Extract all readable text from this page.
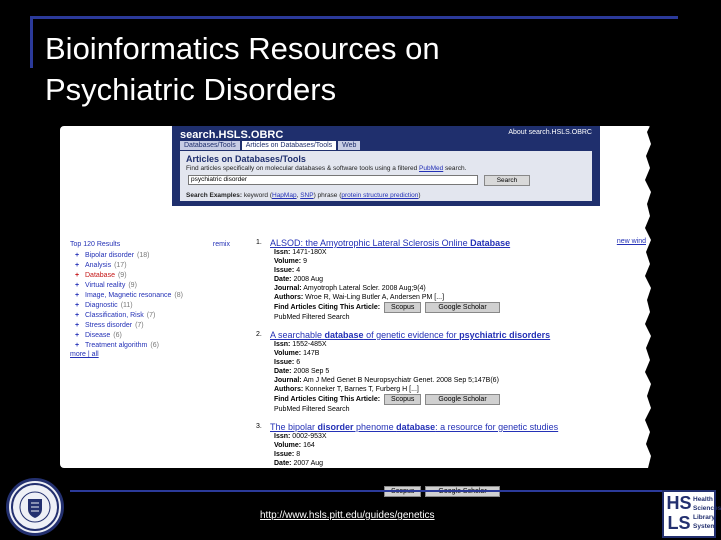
Bioinformatics Resources on
Psychiatric Disorders
search.HSLS.OBRC	About search.HSLS.OBRC
Databases/Tools	Articles on Databases/Tools	Web
Articles on Databases/Tools
Find articles specifically on molecular databases & software tools using a filtered PubMed search.
psychiatric disorder	Search
Search Examples: keyword (HapMap, SNP) phrase (protein structure prediction)
Top 120 Results	remix
+ Bipolar disorder (18)
+ Analysis (17)
+ Database (9)
+ Virtual reality (9)
+ Image, Magnetic resonance (8)
+ Diagnostic (11)
+ Classification, Risk (7)
+ Stress disorder (7)
+ Disease (6)
+ Treatment algorithm (6)
more | all
1.	new wind
ALSOD: the Amyotrophic Lateral Sclerosis Online Database
Issn: 1471-180X
Volume: 9
Issue: 4
Date: 2008 Aug
Journal: Amyotroph Lateral Scler. 2008 Aug;9(4)
Authors: Wroe R, Wai-Ling Butler A, Andersen PM [...]
Find Articles Citing This Article:	Scopus	Google Scholar
PubMed Filtered Search
2. A searchable database of genetic evidence for psychiatric disorders
Issn: 1552-485X
Volume: 147B
Issue: 6
Date: 2008 Sep 5
Journal: Am J Med Genet B Neuropsychiatr Genet. 2008 Sep 5;147B(6)
Authors: Konneker T, Barnes T, Furberg H [...]
Find Articles Citing This Article:	Scopus	Google Scholar
PubMed Filtered Search
3. The bipolar disorder phenome database: a resource for genetic studies
Issn: 0002-953X
Volume: 164
Issue: 8
Date: 2007 Aug
Journal: Am J Psychiatry. 2007 Aug;164(8)
Authors: Potash JB, Toolan J, Steele J [...]
http://www.hsls.pitt.edu/guides/genetics
HS
LS
Health
Sciences
Library
System
